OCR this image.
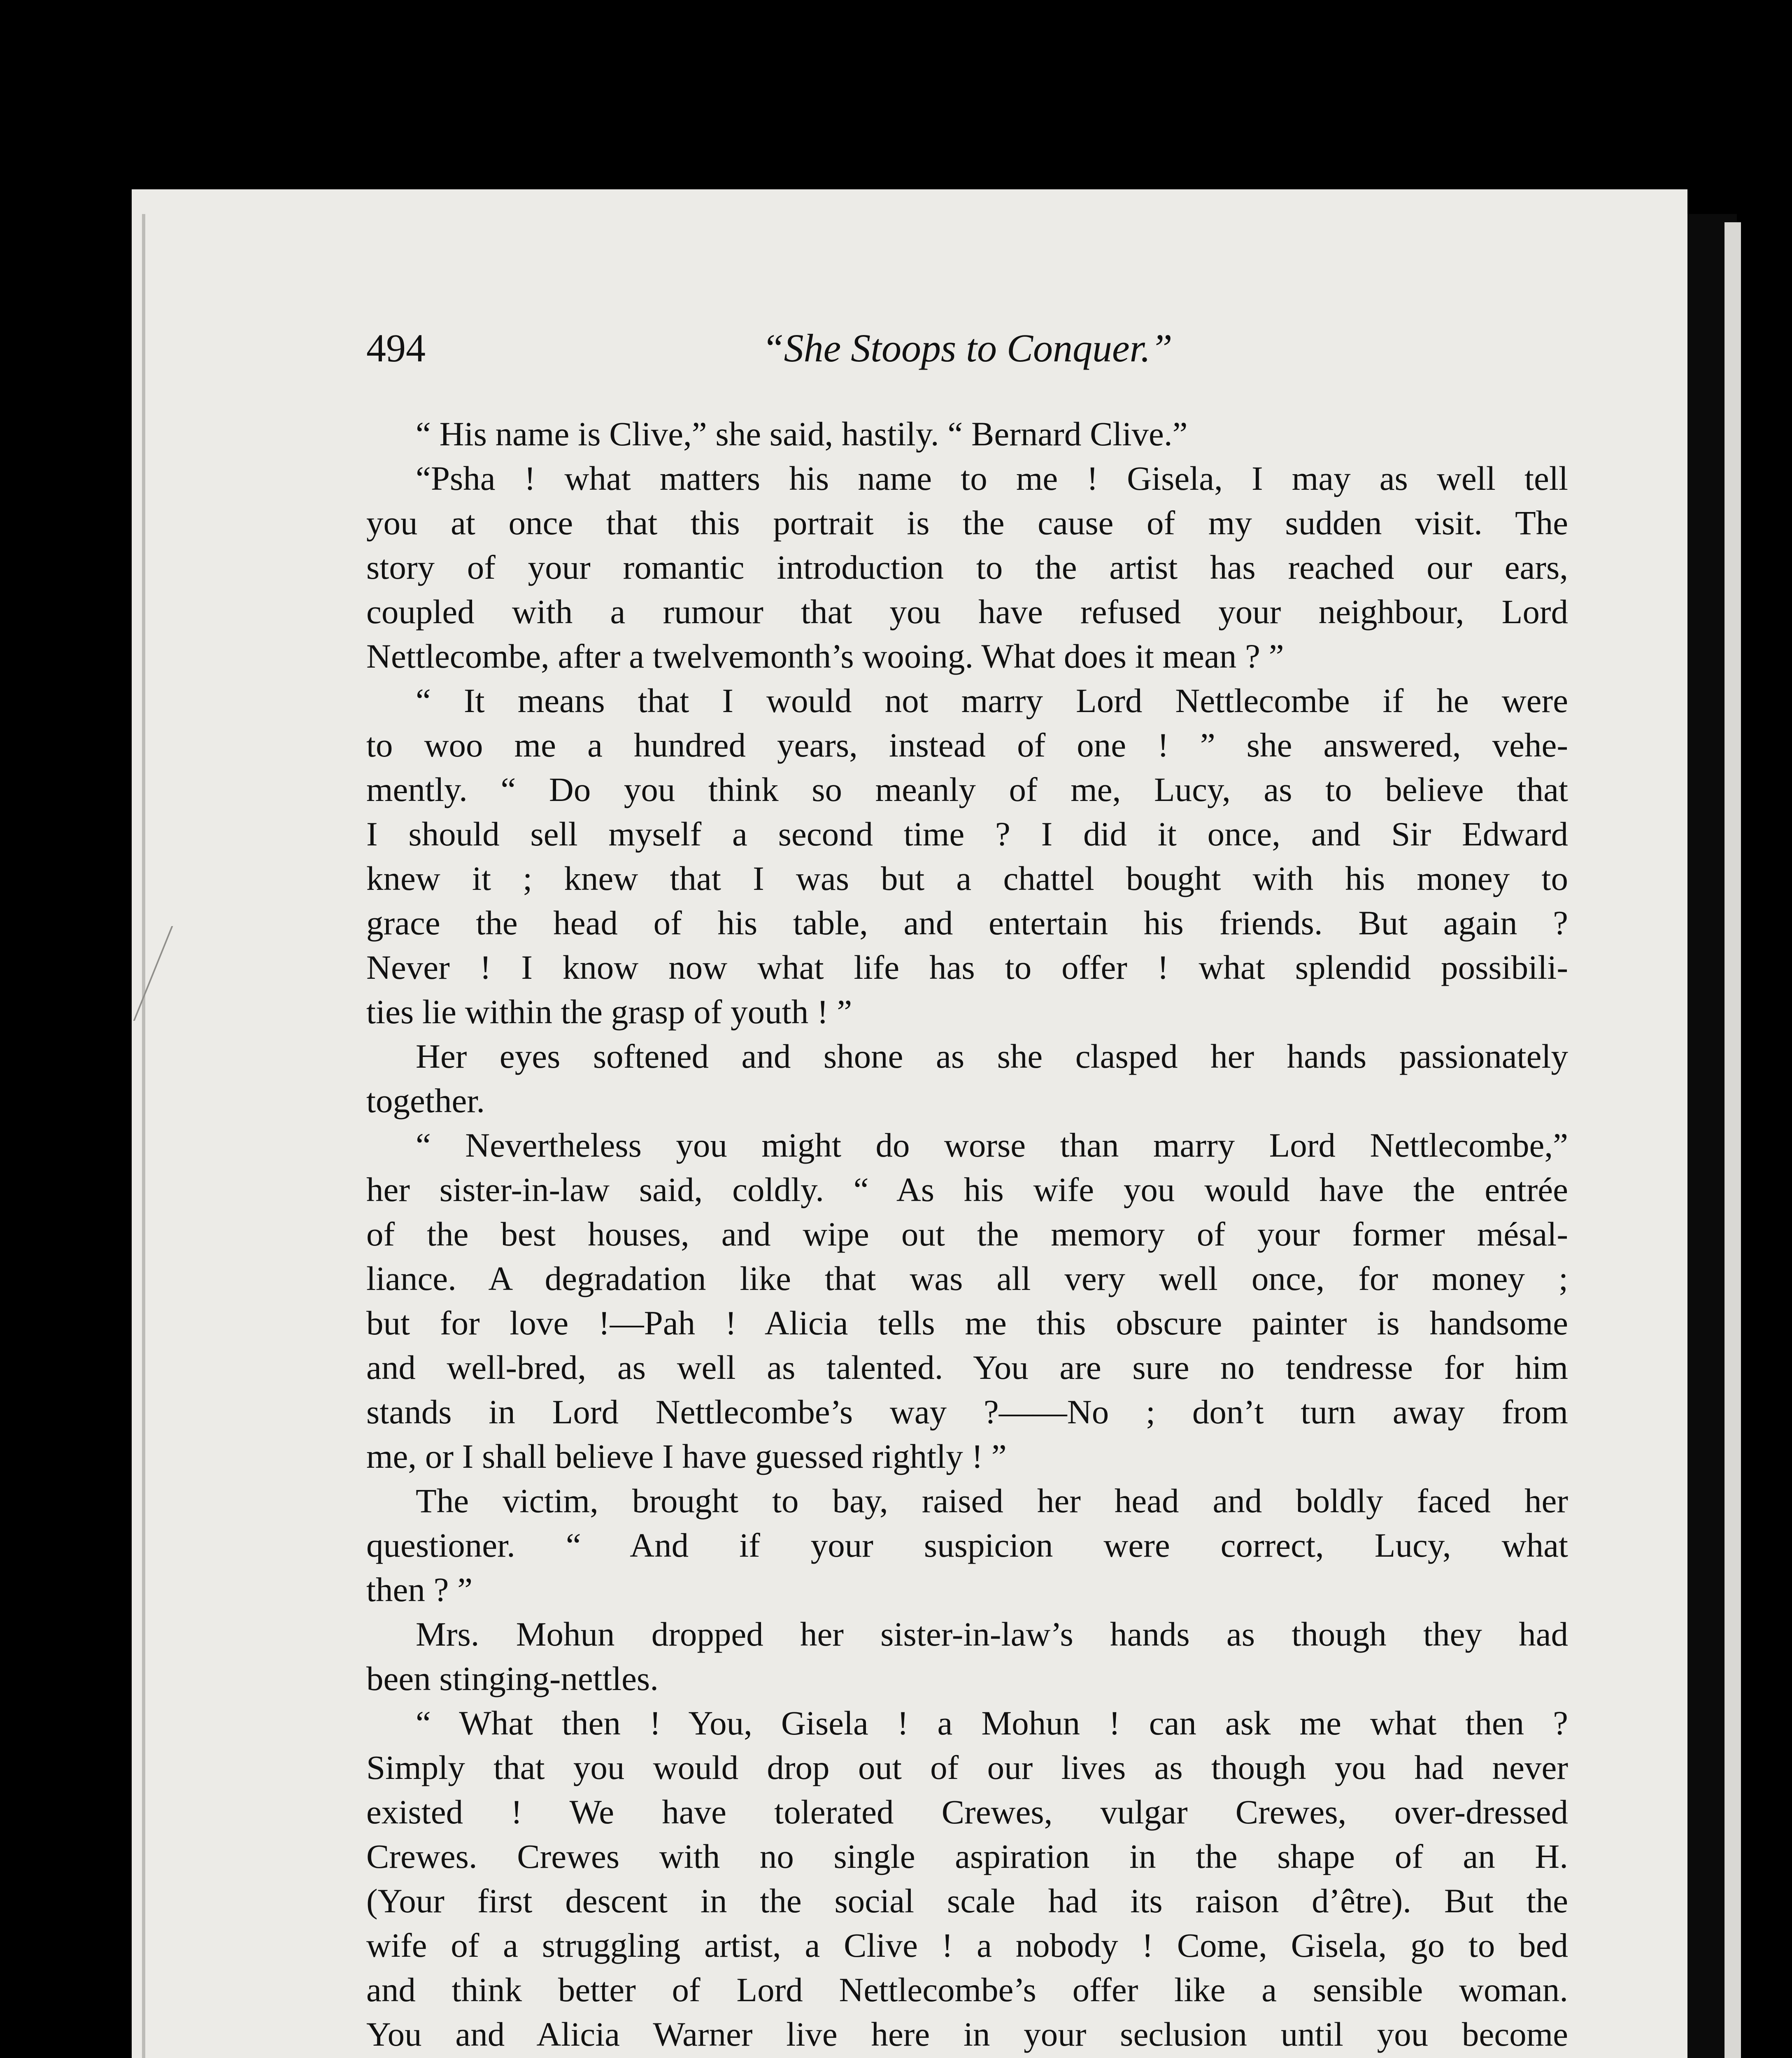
494	“She Stoops to Conquer.”
“ His name is Clive,” she said, hastily. “ Bernard Clive.”
“Psha ! what matters his name to me ! Gisela, I may as well tell
you at once that this portrait is the cause of my sudden visit. The
story of your romantic introduction to the artist has reached our ears,
coupled with a rumour that you have refused your neighbour, Lord
Nettlecombe, after a twelvemonth’s wooing. What does it mean ? ”
“ It means that I would not marry Lord Nettlecombe if he were
to woo me a hundred years, instead of one ! ” she answered, vehe-
mently. “ Do you think so meanly of me, Lucy, as to believe that
I should sell myself a second time ? I did it once, and Sir Edward
knew it ; knew that I was but a chattel bought with his money to
grace the head of his table, and entertain his friends. But again ?
Never ! I know now what life has to offer ! what splendid possibili-
ties lie within the grasp of youth ! ”
Her eyes softened and shone as she clasped her hands passionately
together.
“ Nevertheless you might do worse than marry Lord Nettlecombe,”
her sister-in-law said, coldly. “ As his wife you would have the entrée
of the best houses, and wipe out the memory of your former mésal-
liance. A degradation like that was all very well once, for money ;
but for love !—Pah ! Alicia tells me this obscure painter is handsome
and well-bred, as well as talented. You are sure no tendresse for him
stands in Lord Nettlecombe’s way ?——No ; don’t turn away from
me, or I shall believe I have guessed rightly ! ”
The victim, brought to bay, raised her head and boldly faced her
questioner. “ And if your suspicion were correct, Lucy, what
then ? ”
Mrs. Mohun dropped her sister-in-law’s hands as though they had
been stinging-nettles.
“ What then ! You, Gisela ! a Mohun ! can ask me what then ?
Simply that you would drop out of our lives as though you had never
existed ! We have tolerated Crewes, vulgar Crewes, over-dressed
Crewes. Crewes with no single aspiration in the shape of an H.
(Your first descent in the social scale had its raison d’être). But the
wife of a struggling artist, a Clive ! a nobody ! Come, Gisela, go to bed
and think better of Lord Nettlecombe’s offer like a sensible woman.
You and Alicia Warner live here in your seclusion until you become
